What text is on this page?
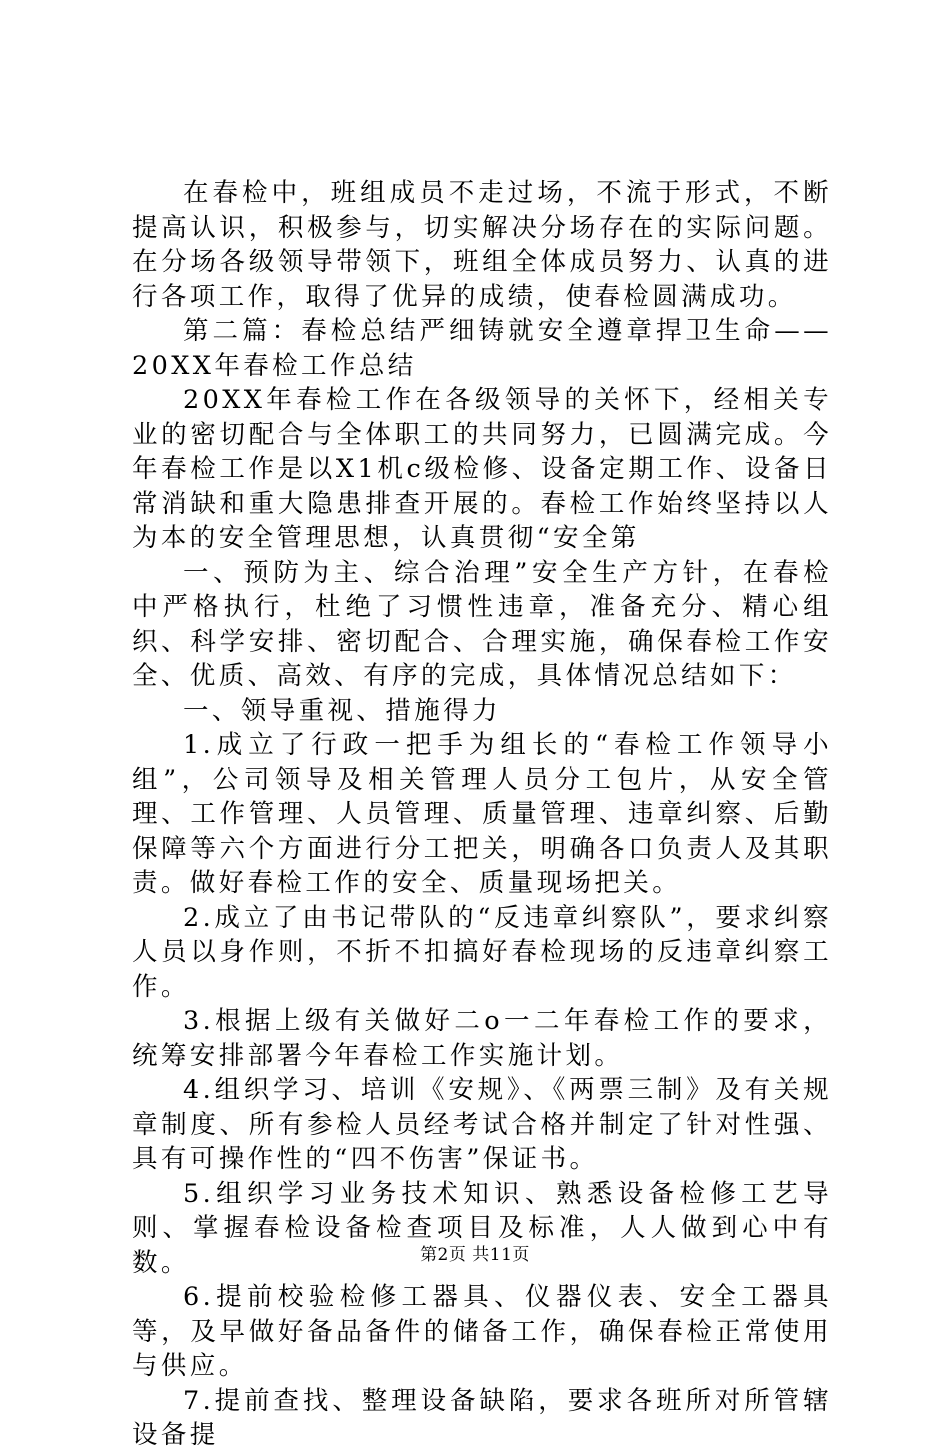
在春检中，班组成员不走过场，不流于形式，不断提高认识，积极参与，切实解决分场存在的实际问题。在分场各级领导带领下，班组全体成员努力、认真的进行各项工作，取得了优异的成绩，使春检圆满成功。

第二篇：春检总结严细铸就安全遵章捍卫生命——20XX年春检工作总结

20XX年春检工作在各级领导的关怀下，经相关专业的密切配合与全体职工的共同努力，已圆满完成。今年春检工作是以X1机c级检修、设备定期工作、设备日常消缺和重大隐患排查开展的。春检工作始终坚持以人为本的安全管理思想，认真贯彻“安全第

一、预防为主、综合治理”安全生产方针，在春检中严格执行，杜绝了习惯性违章，准备充分、精心组织、科学安排、密切配合、合理实施，确保春检工作安全、优质、高效、有序的完成，具体情况总结如下：

一、领导重视、措施得力

1.成立了行政一把手为组长的“春检工作领导小组”，公司领导及相关管理人员分工包片，从安全管理、工作管理、人员管理、质量管理、违章纠察、后勤保障等六个方面进行分工把关，明确各口负责人及其职责。做好春检工作的安全、质量现场把关。

2.成立了由书记带队的“反违章纠察队”，要求纠察人员以身作则，不折不扣搞好春检现场的反违章纠察工作。

3.根据上级有关做好二o一二年春检工作的要求，统筹安排部署今年春检工作实施计划。

4.组织学习、培训《安规》、《两票三制》及有关规章制度、所有参检人员经考试合格并制定了针对性强、具有可操作性的“四不伤害”保证书。

5.组织学习业务技术知识、熟悉设备检修工艺导则、掌握春检设备检查项目及标准，人人做到心中有数。

6.提前校验检修工器具、仪器仪表、安全工器具等，及早做好备品备件的储备工作，确保春检正常使用与供应。

7.提前查找、整理设备缺陷，要求各班所对所管辖设备提

第2页 共11页
